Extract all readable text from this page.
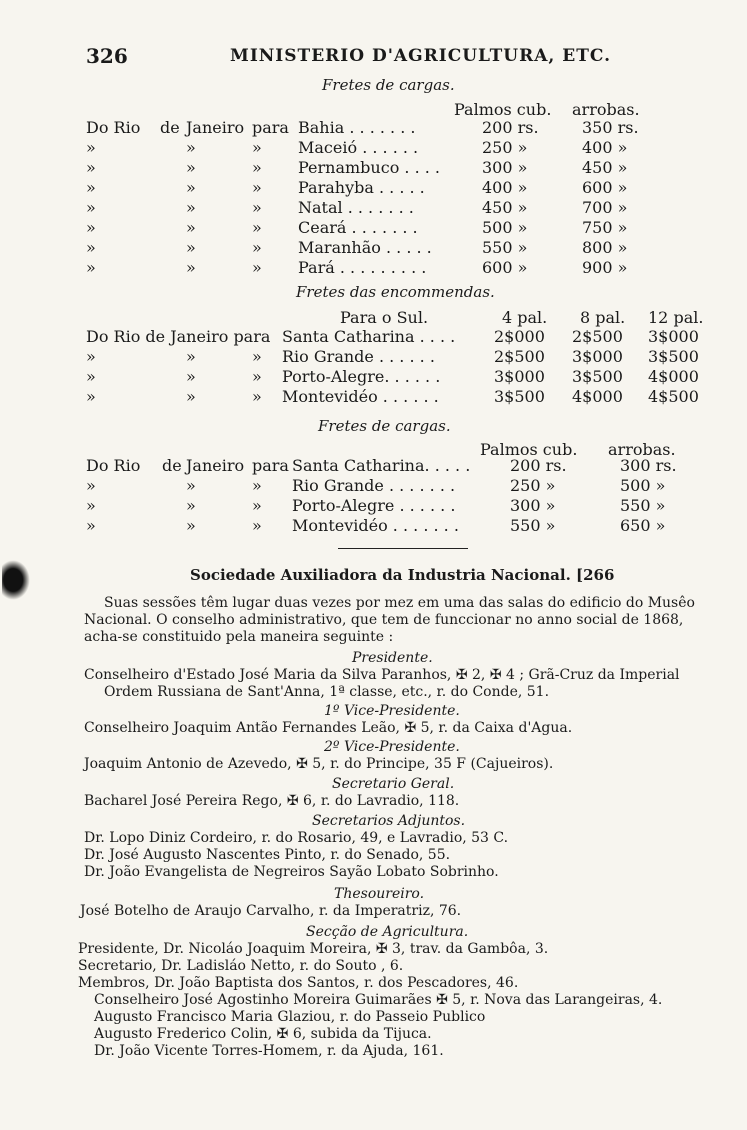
326	MINISTERIO D'AGRICULTURA, ETC.
Fretes de cargas.
Palmos cub. arrobas.
Do Rio de Janeiro para Bahia . . . . . . .	200 rs.	350 rs.
»	»	» Maceió . . . . . .	250 »	400 »
»	»	» Pernambuco . . . .	300 »	450 »
»	»	» Parahyba . . . . .	400 »	600 »
»	»	» Natal . . . . . . .	450 »	700 »
»	»	» Ceará . . . . . . .	500 »	750 »
»	»	» Maranhão . . . . .	550 »	800 »
»	»	» Pará . . . . . . . . .	600 »	900 »
Fretes das encommendas.
Para o Sul.	4 pal. 8 pal. 12 pal.
Do Rio de Janeiro para Santa Catharina . . . . 2$000 2$500 3$000
»	»	» Rio Grande . . . . . .	2$500 3$000 3$500
»	»	» Porto-Alegre. . . . . .	3$000 3$500 4$000
»	»	» Montevidéo . . . . . .	3$500 4$000 4$500
Fretes de cargas.
Palmos cub. arrobas.
Do Rio de Janeiro para Santa Catharina. . . . . 200 rs.	300 rs.
»	»	» Rio Grande . . . . . . .	250 »	500 »
»	»	» Porto-Alegre . . . . . .	300 »	550 »
»	»	» Montevidéo . . . . . . .	550 »	650 »
Sociedade Auxiliadora da Industria Nacional. [266
Suas sessões têm lugar duas vezes por mez em uma das salas do edificio do Musêo
Nacional. O conselho administrativo, que tem de funccionar no anno social de 1868,
acha-se constituido pela maneira seguinte :
Presidente.
Conselheiro d'Estado José Maria da Silva Paranhos, ✠ 2, ✠ 4 ; Grã-Cruz da Imperial
Ordem Russiana de Sant'Anna, 1ª classe, etc., r. do Conde, 51.
1º Vice-Presidente.
Conselheiro Joaquim Antão Fernandes Leão, ✠ 5, r. da Caixa d'Agua.
2º Vice-Presidente.
Joaquim Antonio de Azevedo, ✠ 5, r. do Principe, 35 F (Cajueiros).
Secretario Geral.
Bacharel José Pereira Rego, ✠ 6, r. do Lavradio, 118.
Secretarios Adjuntos.
Dr. Lopo Diniz Cordeiro, r. do Rosario, 49, e Lavradio, 53 C.
Dr. José Augusto Nascentes Pinto, r. do Senado, 55.
Dr. João Evangelista de Negreiros Sayão Lobato Sobrinho.
Thesoureiro.
José Botelho de Araujo Carvalho, r. da Imperatriz, 76.
Secção de Agricultura.
Presidente, Dr. Nicoláo Joaquim Moreira, ✠ 3, trav. da Gambôa, 3.
Secretario, Dr. Ladisláo Netto, r. do Souto , 6.
Membros, Dr. João Baptista dos Santos, r. dos Pescadores, 46.
Conselheiro José Agostinho Moreira Guimarães ✠ 5, r. Nova das Larangeiras, 4.
Augusto Francisco Maria Glaziou, r. do Passeio Publico
Augusto Frederico Colin, ✠ 6, subida da Tijuca.
Dr. João Vicente Torres-Homem, r. da Ajuda, 161.
